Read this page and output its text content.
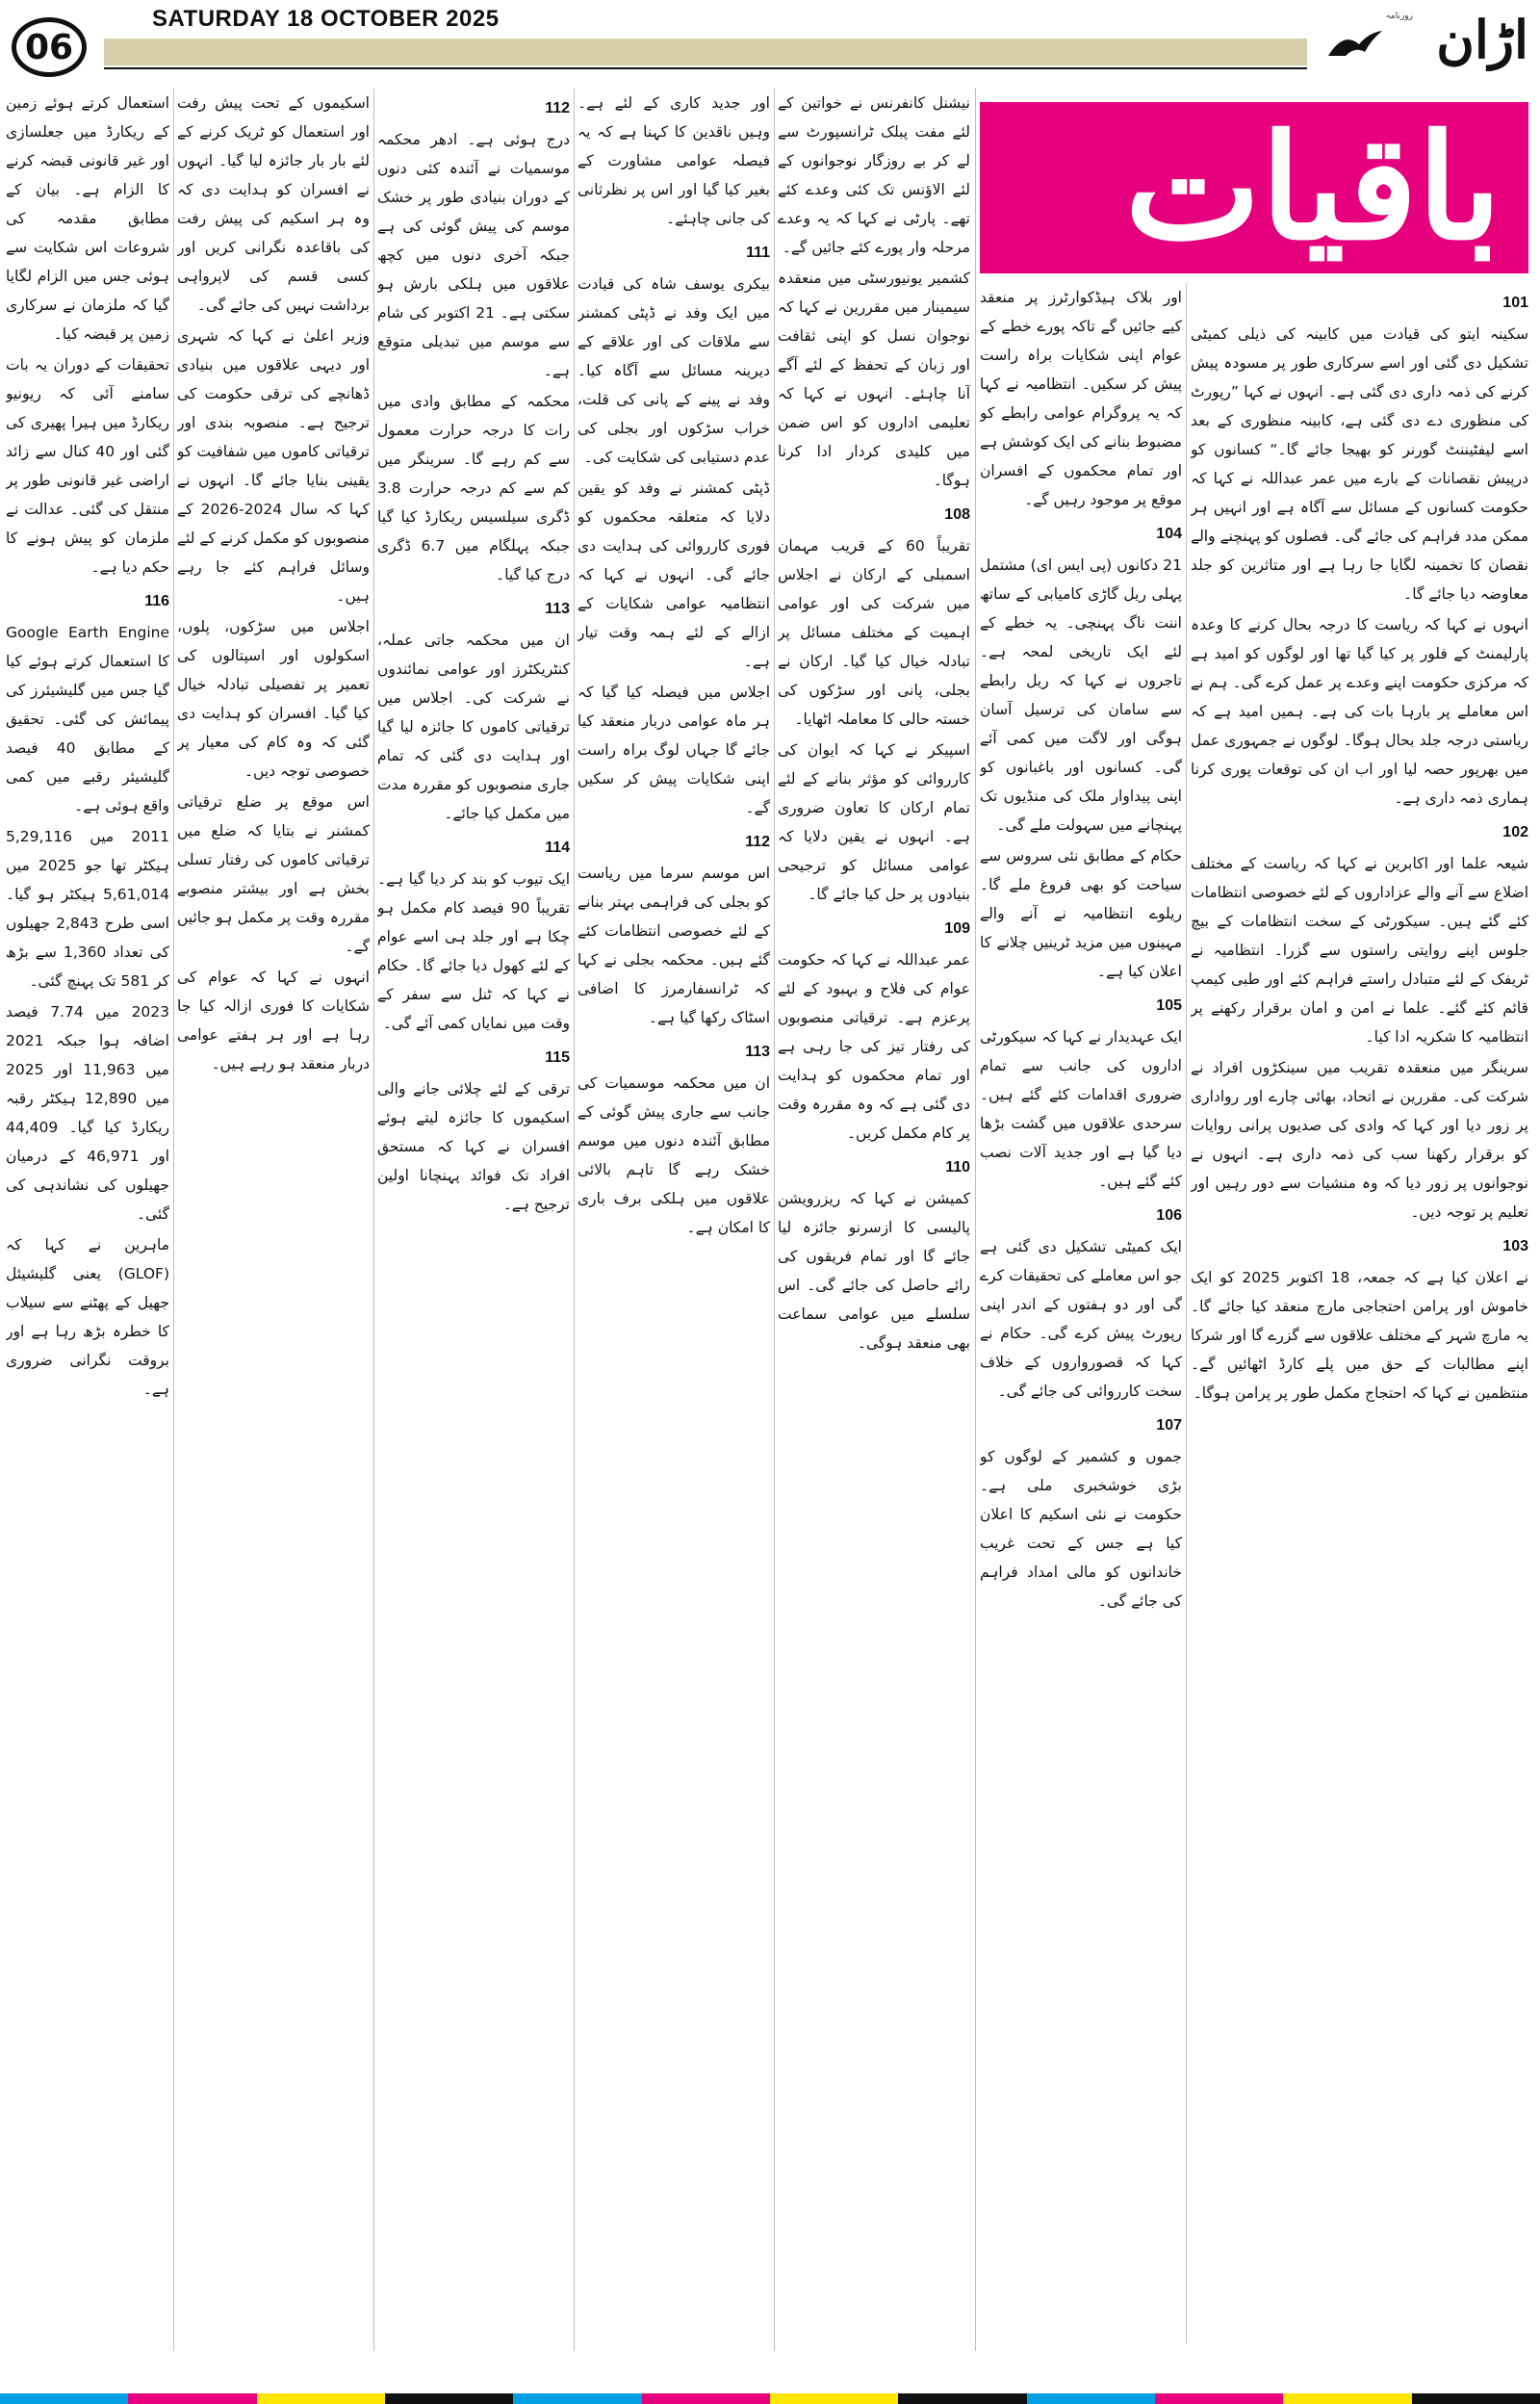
06
SATURDAY 18 OCTOBER 2025	روزنامہ اڑان
باقیات
101

سکینہ ایتو کی قیادت میں کابینہ کی ذیلی کمیٹی تشکیل دی گئی اور اسے سرکاری طور پر مسودہ پیش کرنے کی ذمہ داری دی گئی ہے۔ انہوں نے کہا ”رپورٹ کی منظوری دے دی گئی ہے، کابینہ منظوری کے بعد اسے لیفٹیننٹ گورنر کو بھیجا جائے گا۔“ کسانوں کو درپیش نقصانات کے بارے میں عمر عبداللہ نے کہا کہ حکومت کسانوں کے مسائل سے آگاہ ہے اور انہیں ہر ممکن مدد فراہم کی جائے گی۔ فصلوں کو پہنچنے والے نقصان کا تخمینہ لگایا جا رہا ہے اور متاثرین کو جلد معاوضہ دیا جائے گا۔

انہوں نے کہا کہ ریاست کا درجہ بحال کرنے کا وعدہ پارلیمنٹ کے فلور پر کیا گیا تھا اور لوگوں کو امید ہے کہ مرکزی حکومت اپنے وعدے پر عمل کرے گی۔ ہم نے اس معاملے پر بارہا بات کی ہے۔ ہمیں امید ہے کہ ریاستی درجہ جلد بحال ہوگا۔ لوگوں نے جمہوری عمل میں بھرپور حصہ لیا اور اب ان کی توقعات پوری کرنا ہماری ذمہ داری ہے۔

102

شیعہ علما اور اکابرین نے کہا کہ ریاست کے مختلف اضلاع سے آنے والے عزاداروں کے لئے خصوصی انتظامات کئے گئے ہیں۔ سیکورٹی کے سخت انتظامات کے بیچ جلوس اپنے روایتی راستوں سے گزرا۔ انتظامیہ نے ٹریفک کے لئے متبادل راستے فراہم کئے اور طبی کیمپ قائم کئے گئے۔ علما نے امن و امان برقرار رکھنے پر انتظامیہ کا شکریہ ادا کیا۔

سرینگر میں منعقدہ تقریب میں سینکڑوں افراد نے شرکت کی۔ مقررین نے اتحاد، بھائی چارے اور رواداری پر زور دیا اور کہا کہ وادی کی صدیوں پرانی روایات کو برقرار رکھنا سب کی ذمہ داری ہے۔ انہوں نے نوجوانوں پر زور دیا کہ وہ منشیات سے دور رہیں اور تعلیم پر توجہ دیں۔

103

نے اعلان کیا ہے کہ جمعہ، 18 اکتوبر 2025 کو ایک خاموش اور پرامن احتجاجی مارچ منعقد کیا جائے گا۔ یہ مارچ شہر کے مختلف علاقوں سے گزرے گا اور شرکا اپنے مطالبات کے حق میں پلے کارڈ اٹھائیں گے۔ منتظمین نے کہا کہ احتجاج مکمل طور پر پرامن ہوگا۔

اور بلاک ہیڈکوارٹرز پر منعقد کیے جائیں گے تاکہ پورے خطے کے عوام اپنی شکایات براہ راست پیش کر سکیں۔ انتظامیہ نے کہا کہ یہ پروگرام عوامی رابطے کو مضبوط بنانے کی ایک کوشش ہے اور تمام محکموں کے افسران موقع پر موجود رہیں گے۔

104

21 دکانوں (پی ایس ای) مشتمل پہلی ریل گاڑی کامیابی کے ساتھ اننت ناگ پہنچی۔ یہ خطے کے لئے ایک تاریخی لمحہ ہے۔ تاجروں نے کہا کہ ریل رابطے سے سامان کی ترسیل آسان ہوگی اور لاگت میں کمی آئے گی۔ کسانوں اور باغبانوں کو اپنی پیداوار ملک کی منڈیوں تک پہنچانے میں سہولت ملے گی۔

حکام کے مطابق نئی سروس سے سیاحت کو بھی فروغ ملے گا۔ ریلوے انتظامیہ نے آنے والے مہینوں میں مزید ٹرینیں چلانے کا اعلان کیا ہے۔

105

ایک عہدیدار نے کہا کہ سیکورٹی اداروں کی جانب سے تمام ضروری اقدامات کئے گئے ہیں۔ سرحدی علاقوں میں گشت بڑھا دیا گیا ہے اور جدید آلات نصب کئے گئے ہیں۔

106

ایک کمیٹی تشکیل دی گئی ہے جو اس معاملے کی تحقیقات کرے گی اور دو ہفتوں کے اندر اپنی رپورٹ پیش کرے گی۔ حکام نے کہا کہ قصورواروں کے خلاف سخت کارروائی کی جائے گی۔

107

جموں و کشمیر کے لوگوں کو بڑی خوشخبری ملی ہے۔ حکومت نے نئی اسکیم کا اعلان کیا ہے جس کے تحت غریب خاندانوں کو مالی امداد فراہم کی جائے گی۔

نیشنل کانفرنس نے خواتین کے لئے مفت پبلک ٹرانسپورٹ سے لے کر بے روزگار نوجوانوں کے لئے الاؤنس تک کئی وعدے کئے تھے۔ پارٹی نے کہا کہ یہ وعدے مرحلہ وار پورے کئے جائیں گے۔

کشمیر یونیورسٹی میں منعقدہ سیمینار میں مقررین نے کہا کہ نوجوان نسل کو اپنی ثقافت اور زبان کے تحفظ کے لئے آگے آنا چاہئے۔ انہوں نے کہا کہ تعلیمی اداروں کو اس ضمن میں کلیدی کردار ادا کرنا ہوگا۔

108

تقریباً 60 کے قریب مہمان اسمبلی کے ارکان نے اجلاس میں شرکت کی اور عوامی اہمیت کے مختلف مسائل پر تبادلہ خیال کیا گیا۔ ارکان نے بجلی، پانی اور سڑکوں کی خستہ حالی کا معاملہ اٹھایا۔

اسپیکر نے کہا کہ ایوان کی کارروائی کو مؤثر بنانے کے لئے تمام ارکان کا تعاون ضروری ہے۔ انہوں نے یقین دلایا کہ عوامی مسائل کو ترجیحی بنیادوں پر حل کیا جائے گا۔

109

عمر عبداللہ نے کہا کہ حکومت عوام کی فلاح و بہبود کے لئے پرعزم ہے۔ ترقیاتی منصوبوں کی رفتار تیز کی جا رہی ہے اور تمام محکموں کو ہدایت دی گئی ہے کہ وہ مقررہ وقت پر کام مکمل کریں۔

110

کمیشن نے کہا کہ ریزرویشن پالیسی کا ازسرنو جائزہ لیا جائے گا اور تمام فریقوں کی رائے حاصل کی جائے گی۔ اس سلسلے میں عوامی سماعت بھی منعقد ہوگی۔

اور جدید کاری کے لئے ہے۔ وہیں ناقدین کا کہنا ہے کہ یہ فیصلہ عوامی مشاورت کے بغیر کیا گیا اور اس پر نظرثانی کی جانی چاہئے۔

111

بیکری یوسف شاہ کی قیادت میں ایک وفد نے ڈپٹی کمشنر سے ملاقات کی اور علاقے کے دیرینہ مسائل سے آگاہ کیا۔ وفد نے پینے کے پانی کی قلت، خراب سڑکوں اور بجلی کی عدم دستیابی کی شکایت کی۔

ڈپٹی کمشنر نے وفد کو یقین دلایا کہ متعلقہ محکموں کو فوری کارروائی کی ہدایت دی جائے گی۔ انہوں نے کہا کہ انتظامیہ عوامی شکایات کے ازالے کے لئے ہمہ وقت تیار ہے۔

اجلاس میں فیصلہ کیا گیا کہ ہر ماہ عوامی دربار منعقد کیا جائے گا جہاں لوگ براہ راست اپنی شکایات پیش کر سکیں گے۔

112

اس موسم سرما میں ریاست کو بجلی کی فراہمی بہتر بنانے کے لئے خصوصی انتظامات کئے گئے ہیں۔ محکمہ بجلی نے کہا کہ ٹرانسفارمرز کا اضافی اسٹاک رکھا گیا ہے۔

113

ان میں محکمہ موسمیات کی جانب سے جاری پیش گوئی کے مطابق آئندہ دنوں میں موسم خشک رہے گا تاہم بالائی علاقوں میں ہلکی برف باری کا امکان ہے۔

112

درج ہوئی ہے۔ ادھر محکمہ موسمیات نے آئندہ کئی دنوں کے دوران بنیادی طور پر خشک موسم کی پیش گوئی کی ہے جبکہ آخری دنوں میں کچھ علاقوں میں ہلکی بارش ہو سکتی ہے۔ 21 اکتوبر کی شام سے موسم میں تبدیلی متوقع ہے۔

محکمہ کے مطابق وادی میں رات کا درجہ حرارت معمول سے کم رہے گا۔ سرینگر میں کم سے کم درجہ حرارت 3.8 ڈگری سیلسیس ریکارڈ کیا گیا جبکہ پہلگام میں 6.7 ڈگری درج کیا گیا۔

113

ان میں محکمہ جاتی عملہ، کنٹریکٹرز اور عوامی نمائندوں نے شرکت کی۔ اجلاس میں ترقیاتی کاموں کا جائزہ لیا گیا اور ہدایت دی گئی کہ تمام جاری منصوبوں کو مقررہ مدت میں مکمل کیا جائے۔

114

ایک تیوب کو بند کر دیا گیا ہے۔ تقریباً 90 فیصد کام مکمل ہو چکا ہے اور جلد ہی اسے عوام کے لئے کھول دیا جائے گا۔ حکام نے کہا کہ ٹنل سے سفر کے وقت میں نمایاں کمی آئے گی۔

115

ترقی کے لئے چلائی جانے والی اسکیموں کا جائزہ لیتے ہوئے افسران نے کہا کہ مستحق افراد تک فوائد پہنچانا اولین ترجیح ہے۔

اسکیموں کے تحت پیش رفت اور استعمال کو ٹریک کرنے کے لئے بار بار جائزہ لیا گیا۔ انہوں نے افسران کو ہدایت دی کہ وہ ہر اسکیم کی پیش رفت کی باقاعدہ نگرانی کریں اور کسی قسم کی لاپرواہی برداشت نہیں کی جائے گی۔

وزیر اعلیٰ نے کہا کہ شہری اور دیہی علاقوں میں بنیادی ڈھانچے کی ترقی حکومت کی ترجیح ہے۔ منصوبہ بندی اور ترقیاتی کاموں میں شفافیت کو یقینی بنایا جائے گا۔ انہوں نے کہا کہ سال 2024-2026 کے منصوبوں کو مکمل کرنے کے لئے وسائل فراہم کئے جا رہے ہیں۔

اجلاس میں سڑکوں، پلوں، اسکولوں اور اسپتالوں کی تعمیر پر تفصیلی تبادلہ خیال کیا گیا۔ افسران کو ہدایت دی گئی کہ وہ کام کی معیار پر خصوصی توجہ دیں۔

اس موقع پر ضلع ترقیاتی کمشنر نے بتایا کہ ضلع میں ترقیاتی کاموں کی رفتار تسلی بخش ہے اور بیشتر منصوبے مقررہ وقت پر مکمل ہو جائیں گے۔

انہوں نے کہا کہ عوام کی شکایات کا فوری ازالہ کیا جا رہا ہے اور ہر ہفتے عوامی دربار منعقد ہو رہے ہیں۔

استعمال کرتے ہوئے زمین کے ریکارڈ میں جعلسازی اور غیر قانونی قبضہ کرنے کا الزام ہے۔ بیان کے مطابق مقدمہ کی شروعات اس شکایت سے ہوئی جس میں الزام لگایا گیا کہ ملزمان نے سرکاری زمین پر قبضہ کیا۔

تحقیقات کے دوران یہ بات سامنے آئی کہ ریونیو ریکارڈ میں ہیرا پھیری کی گئی اور 40 کنال سے زائد اراضی غیر قانونی طور پر منتقل کی گئی۔ عدالت نے ملزمان کو پیش ہونے کا حکم دیا ہے۔

116

Google Earth Engine کا استعمال کرتے ہوئے کیا گیا جس میں گلیشیئرز کی پیمائش کی گئی۔ تحقیق کے مطابق 40 فیصد گلیشیئر رقبے میں کمی واقع ہوئی ہے۔

2011 میں 5,29,116 ہیکٹر تھا جو 2025 میں 5,61,014 ہیکٹر ہو گیا۔ اسی طرح 2,843 جھیلوں کی تعداد 1,360 سے بڑھ کر 581 تک پہنچ گئی۔

2023 میں 7.74 فیصد اضافہ ہوا جبکہ 2021 میں 11,963 اور 2025 میں 12,890 ہیکٹر رقبہ ریکارڈ کیا گیا۔ 44,409 اور 46,971 کے درمیان جھیلوں کی نشاندہی کی گئی۔

ماہرین نے کہا کہ (GLOF) یعنی گلیشیئل جھیل کے پھٹنے سے سیلاب کا خطرہ بڑھ رہا ہے اور بروقت نگرانی ضروری ہے۔
